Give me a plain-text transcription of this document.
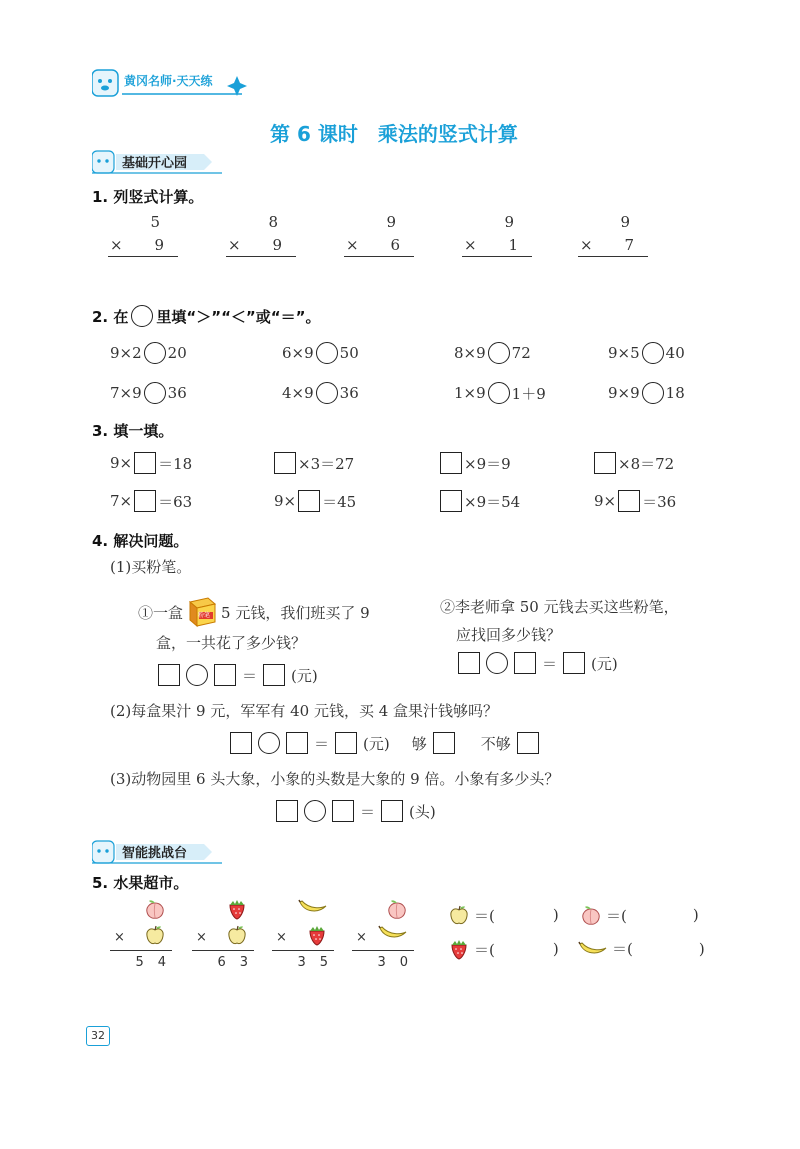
黄冈名师·天天练
第 6 课时　乘法的竖式计算
基础开心园
1. 列竖式计算。
5
× 9
8
× 9
9
× 6
9
× 1
9
× 7
2. 在 里填“＞”“＜”或“＝”。
9×2 20	6×9 50	8×9 72	9×5 40
7×9 36	4×9 36	1×9 1＋9	9×9 18
3. 填一填。
9× ＝18	×3＝27	×9＝9	×8＝72
7× ＝63	9× ＝45	×9＝54	9× ＝36
4. 解决问题。
(1)买粉笔。
①一盒	粉笔 5 元钱，我们班买了 9
盒，一共花了多少钱？
＝ (元)
②李老师拿 50 元钱去买这些粉笔，
应找回多少钱？
＝ (元)
(2)每盒果汁 9 元，军军有 40 元钱，买 4 盒果汁钱够吗？
＝ (元) 够	不够
(3)动物园里 6 头大象，小象的头数是大象的 9 倍。小象有多少头？
＝ (头)
智能挑战台
5. 水果超市。
×
5 4
×
6 3
×
3 5
×
3 0
＝(	)	＝(	)
＝(	)	＝(	)
32
